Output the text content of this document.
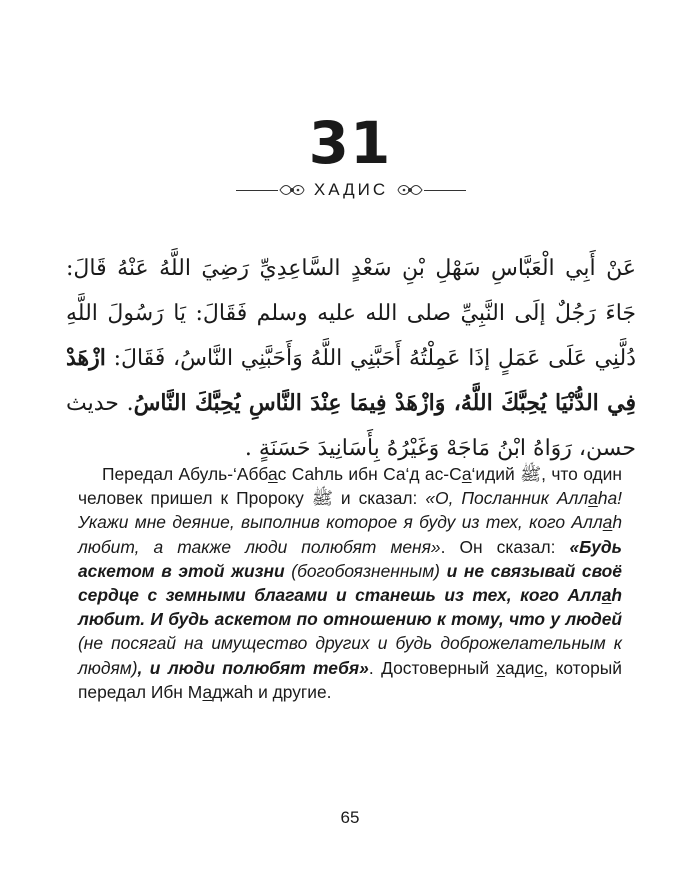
31
ХАДИС
عَنْ أَبِي الْعَبَّاسِ سَهْلِ بْنِ سَعْدٍ السَّاعِدِيِّ رَضِيَ اللَّهُ عَنْهُ قَالَ: جَاءَ رَجُلٌ إلَى النَّبِيِّ صلى الله عليه وسلم فَقَالَ: يَا رَسُولَ اللَّهِ دُلَّنِي عَلَى عَمَلٍ إذَا عَمِلْتُهُ أَحَبَّنِي اللَّهُ وَأَحَبَّنِي النَّاسُ، فَقَالَ: ازْهَدْ فِي الدُّنْيَا يُحِبَّكَ اللَّهُ، وَازْهَدْ فِيمَا عِنْدَ النَّاسِ يُحِبَّكَ النَّاسُ. حديث حسن، رَوَاهُ ابْنُ مَاجَهْ وَغَيْرُهُ بِأَسَانِيدَ حَسَنَةٍ .
Передал Абуль-‘Аббас Саhль ибн Са‘д ас-Са‘идий ﷺ, что один человек пришел к Пророку ﷺ и сказал: «О, Посланник Аллаhа! Укажи мне деяние, выполнив которое я буду из тех, кого Аллаh любит, а также люди полюбят меня». Он сказал: «Будь аскетом в этой жизни (богобоязненным) и не связывай своё сердце с земными благами и станешь из тех, кого Аллаh любит. И будь аскетом по отношению к тому, что у людей (не посягай на имущество других и будь доброжелательным к людям), и люди полюбят тебя». Достоверный хадис, который передал Ибн Маджаh и другие.
65
